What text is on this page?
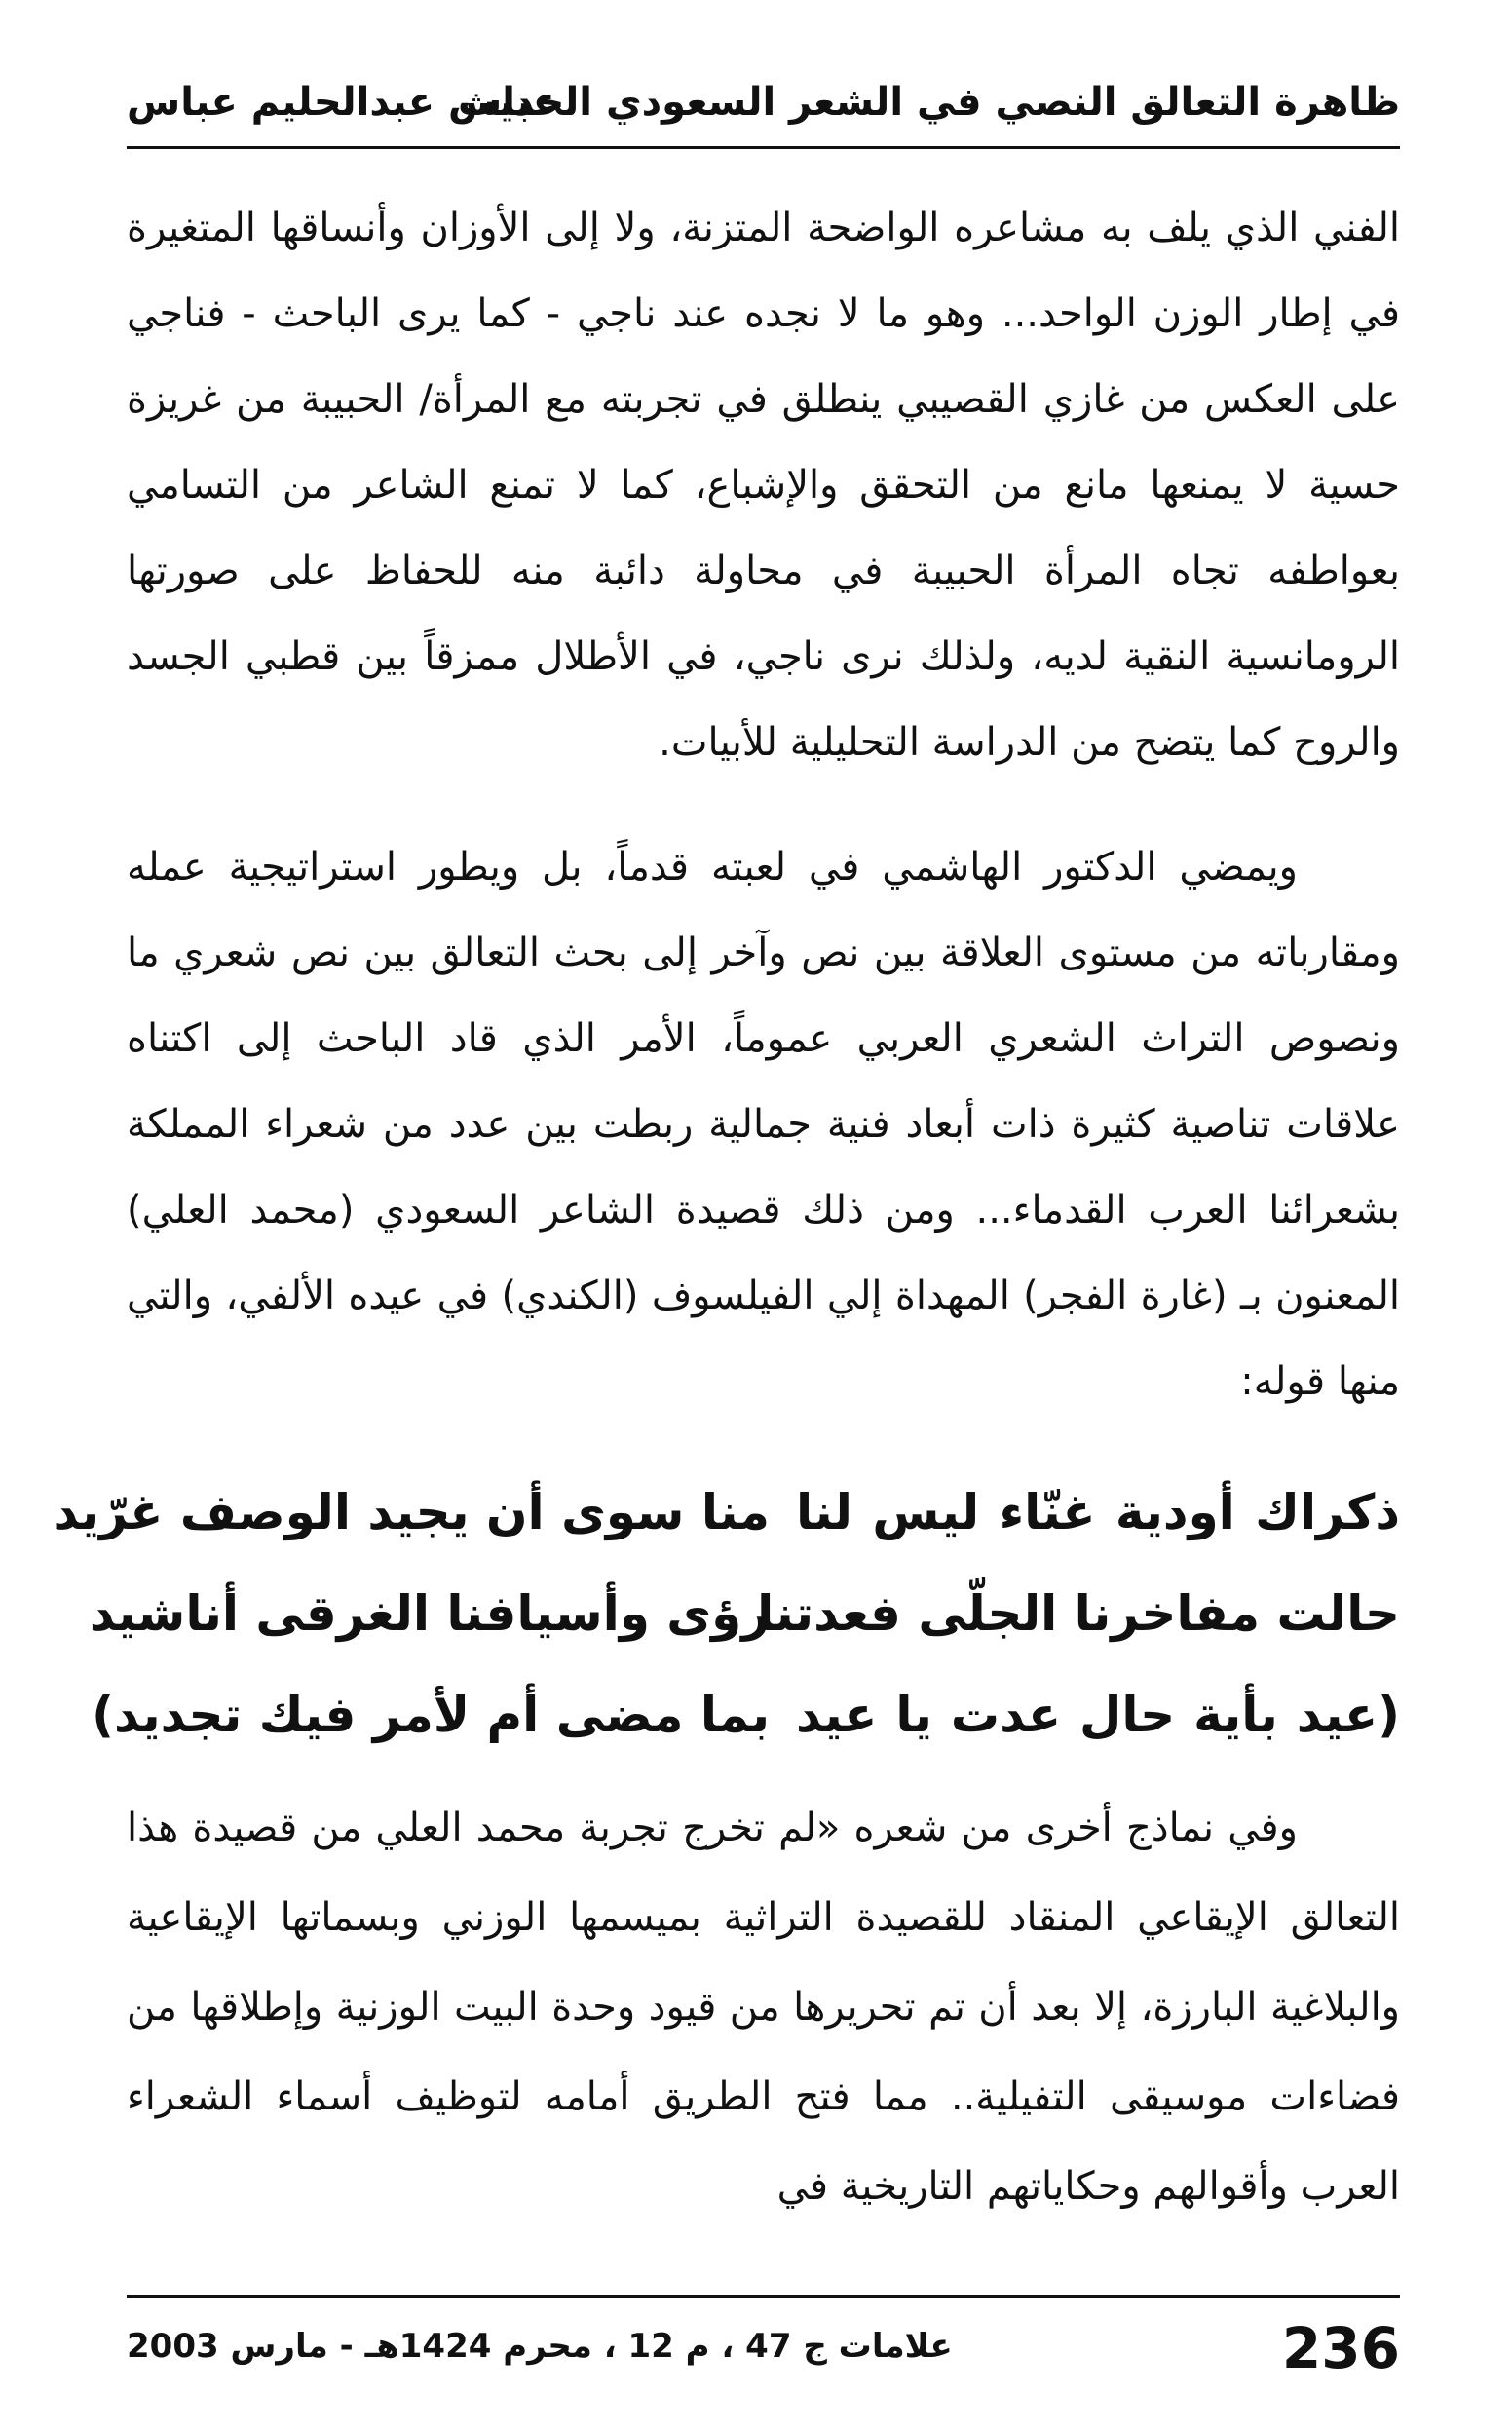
ظاهرة التعالق النصي في الشعر السعودي الحديث
عباس عبدالحليم عباس

الفني الذي يلف به مشاعره الواضحة المتزنة، ولا إلى الأوزان وأنساقها المتغيرة في إطار الوزن الواحد... وهو ما لا نجده عند ناجي - كما يرى الباحث - فناجي على العكس من غازي القصيبي ينطلق في تجربته مع المرأة/ الحبيبة من غريزة حسية لا يمنعها مانع من التحقق والإشباع، كما لا تمنع الشاعر من التسامي بعواطفه تجاه المرأة الحبيبة في محاولة دائبة منه للحفاظ على صورتها الرومانسية النقية لديه، ولذلك نرى ناجي، في الأطلال ممزقاً بين قطبي الجسد والروح كما يتضح من الدراسة التحليلية للأبيات.

ويمضي الدكتور الهاشمي في لعبته قدماً، بل ويطور استراتيجية عمله ومقارباته من مستوى العلاقة بين نص وآخر إلى بحث التعالق بين نص شعري ما ونصوص التراث الشعري العربي عموماً، الأمر الذي قاد الباحث إلى اكتناه علاقات تناصية كثيرة ذات أبعاد فنية جمالية ربطت بين عدد من شعراء المملكة بشعرائنا العرب القدماء... ومن ذلك قصيدة الشاعر السعودي (محمد العلي) المعنون بـ (غارة الفجر) المهداة إلي الفيلسوف (الكندي) في عيده الألفي، والتي منها قوله:

ذكراك أودية غنّاء ليس لنا
منا سوى أن يجيد الوصف غرّيد
حالت مفاخرنا الجلّى فعدتنا
رؤى وأسيافنا الغرقى أناشيد
(عيد بأية حال عدت يا عيد
بما مضى أم لأمر فيك تجديد)

وفي نماذج أخرى من شعره «لم تخرج تجربة محمد العلي من قصيدة هذا التعالق الإيقاعي المنقاد للقصيدة التراثية بميسمها الوزني وبسماتها الإيقاعية والبلاغية البارزة، إلا بعد أن تم تحريرها من قيود وحدة البيت الوزنية وإطلاقها من فضاءات موسيقى التفيلية.. مما فتح الطريق أمامه لتوظيف أسماء الشعراء العرب وأقوالهم وحكاياتهم التاريخية في

236
علامات ج 47 ، م 12 ، محرم 1424هـ - مارس 2003
